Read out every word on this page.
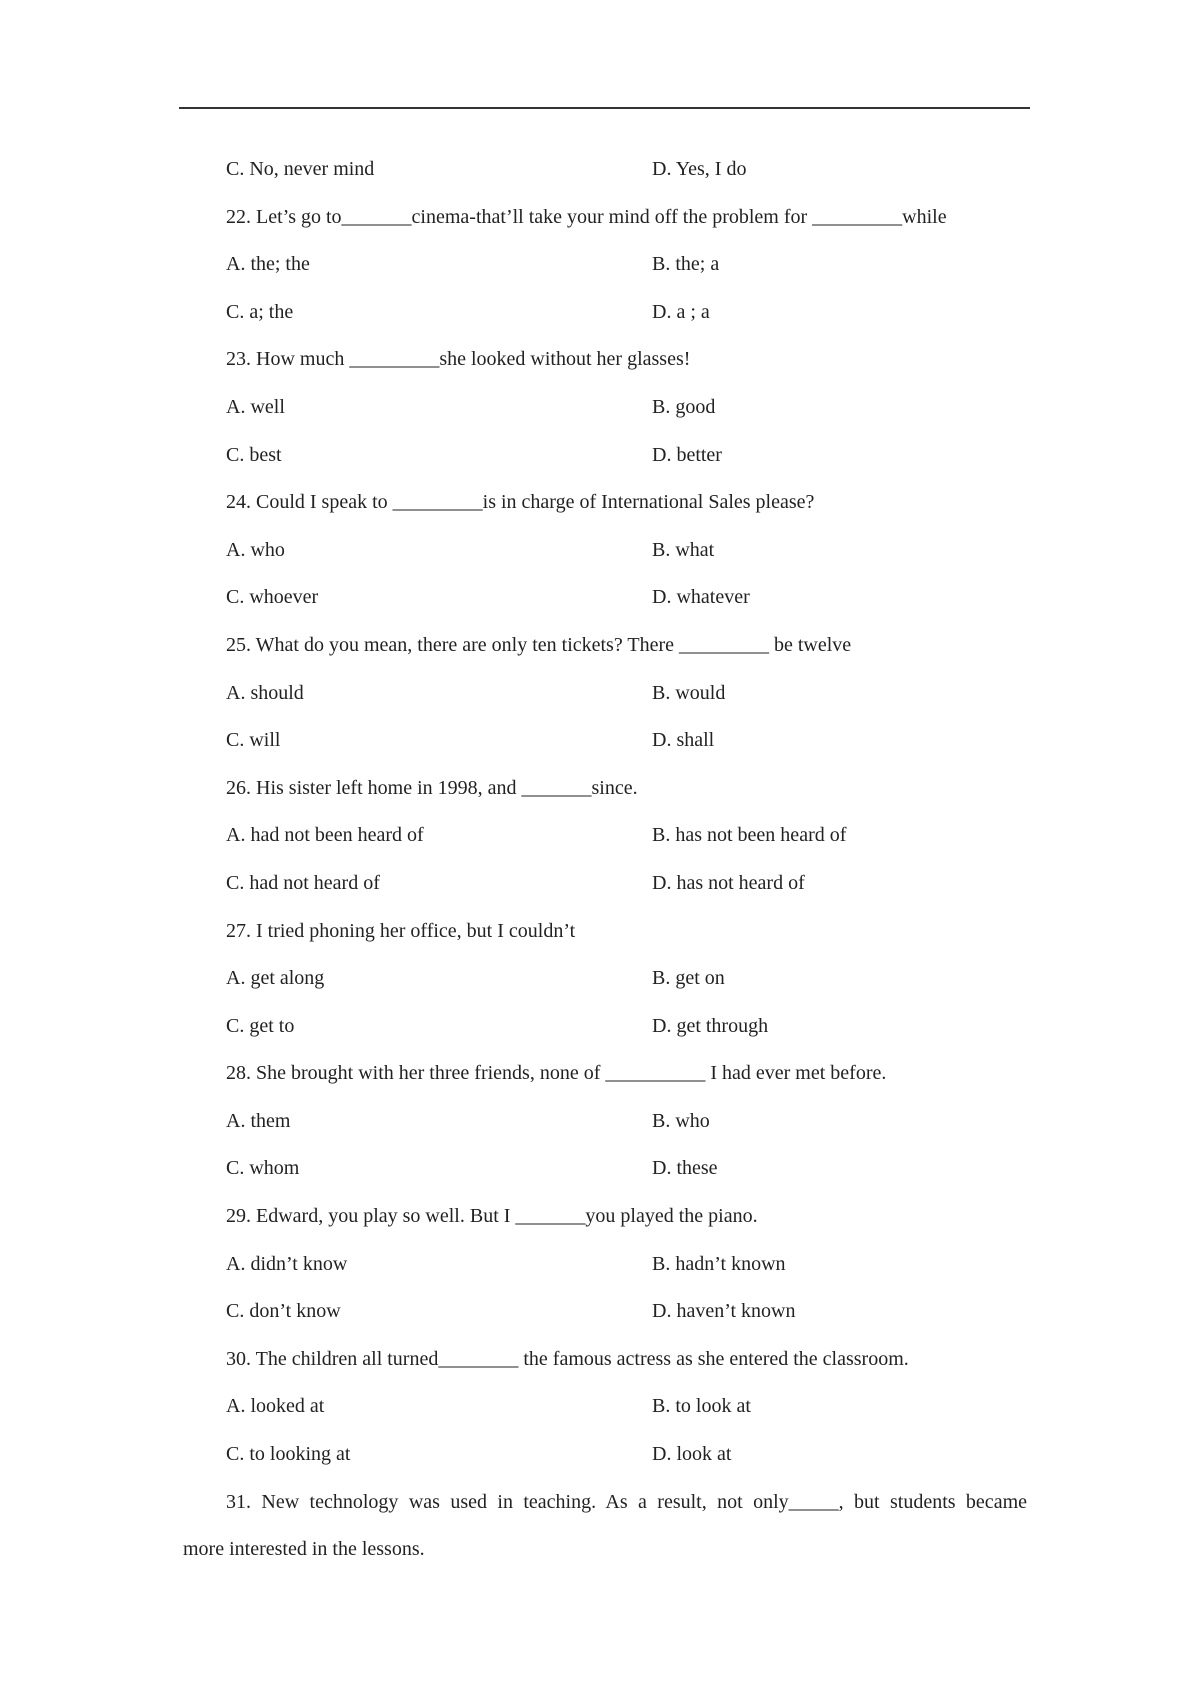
C. No, never mind	D. Yes, I do
22. Let’s go to_______cinema-that’ll take your mind off the problem for _________while
A. the; the	B. the; a
C. a; the	D. a ; a
23. How much _________she looked without her glasses!
A. well	B. good
C. best	D. better
24. Could I speak to _________is in charge of International Sales please?
A. who	B. what
C. whoever	D. whatever
25. What do you mean, there are only ten tickets? There _________ be twelve
A. should	B. would
C. will	D. shall
26. His sister left home in 1998, and _______since.
A. had not been heard of	B. has not been heard of
C. had not heard of	D. has not heard of
27. I tried phoning her office, but I couldn’t
A. get along	B. get on
C. get to	D. get through
28. She brought with her three friends, none of __________ I had ever met before.
A. them	B. who
C. whom	D. these
29. Edward, you play so well. But I _______you played the piano.
A. didn’t know	B. hadn’t known
C. don’t know	D. haven’t known
30. The children all turned________ the famous actress as she entered the classroom.
A. looked at	B. to look at
C. to looking at	D. look at
31. New technology was used in teaching. As a result, not only_____, but students became
more interested in the lessons.
